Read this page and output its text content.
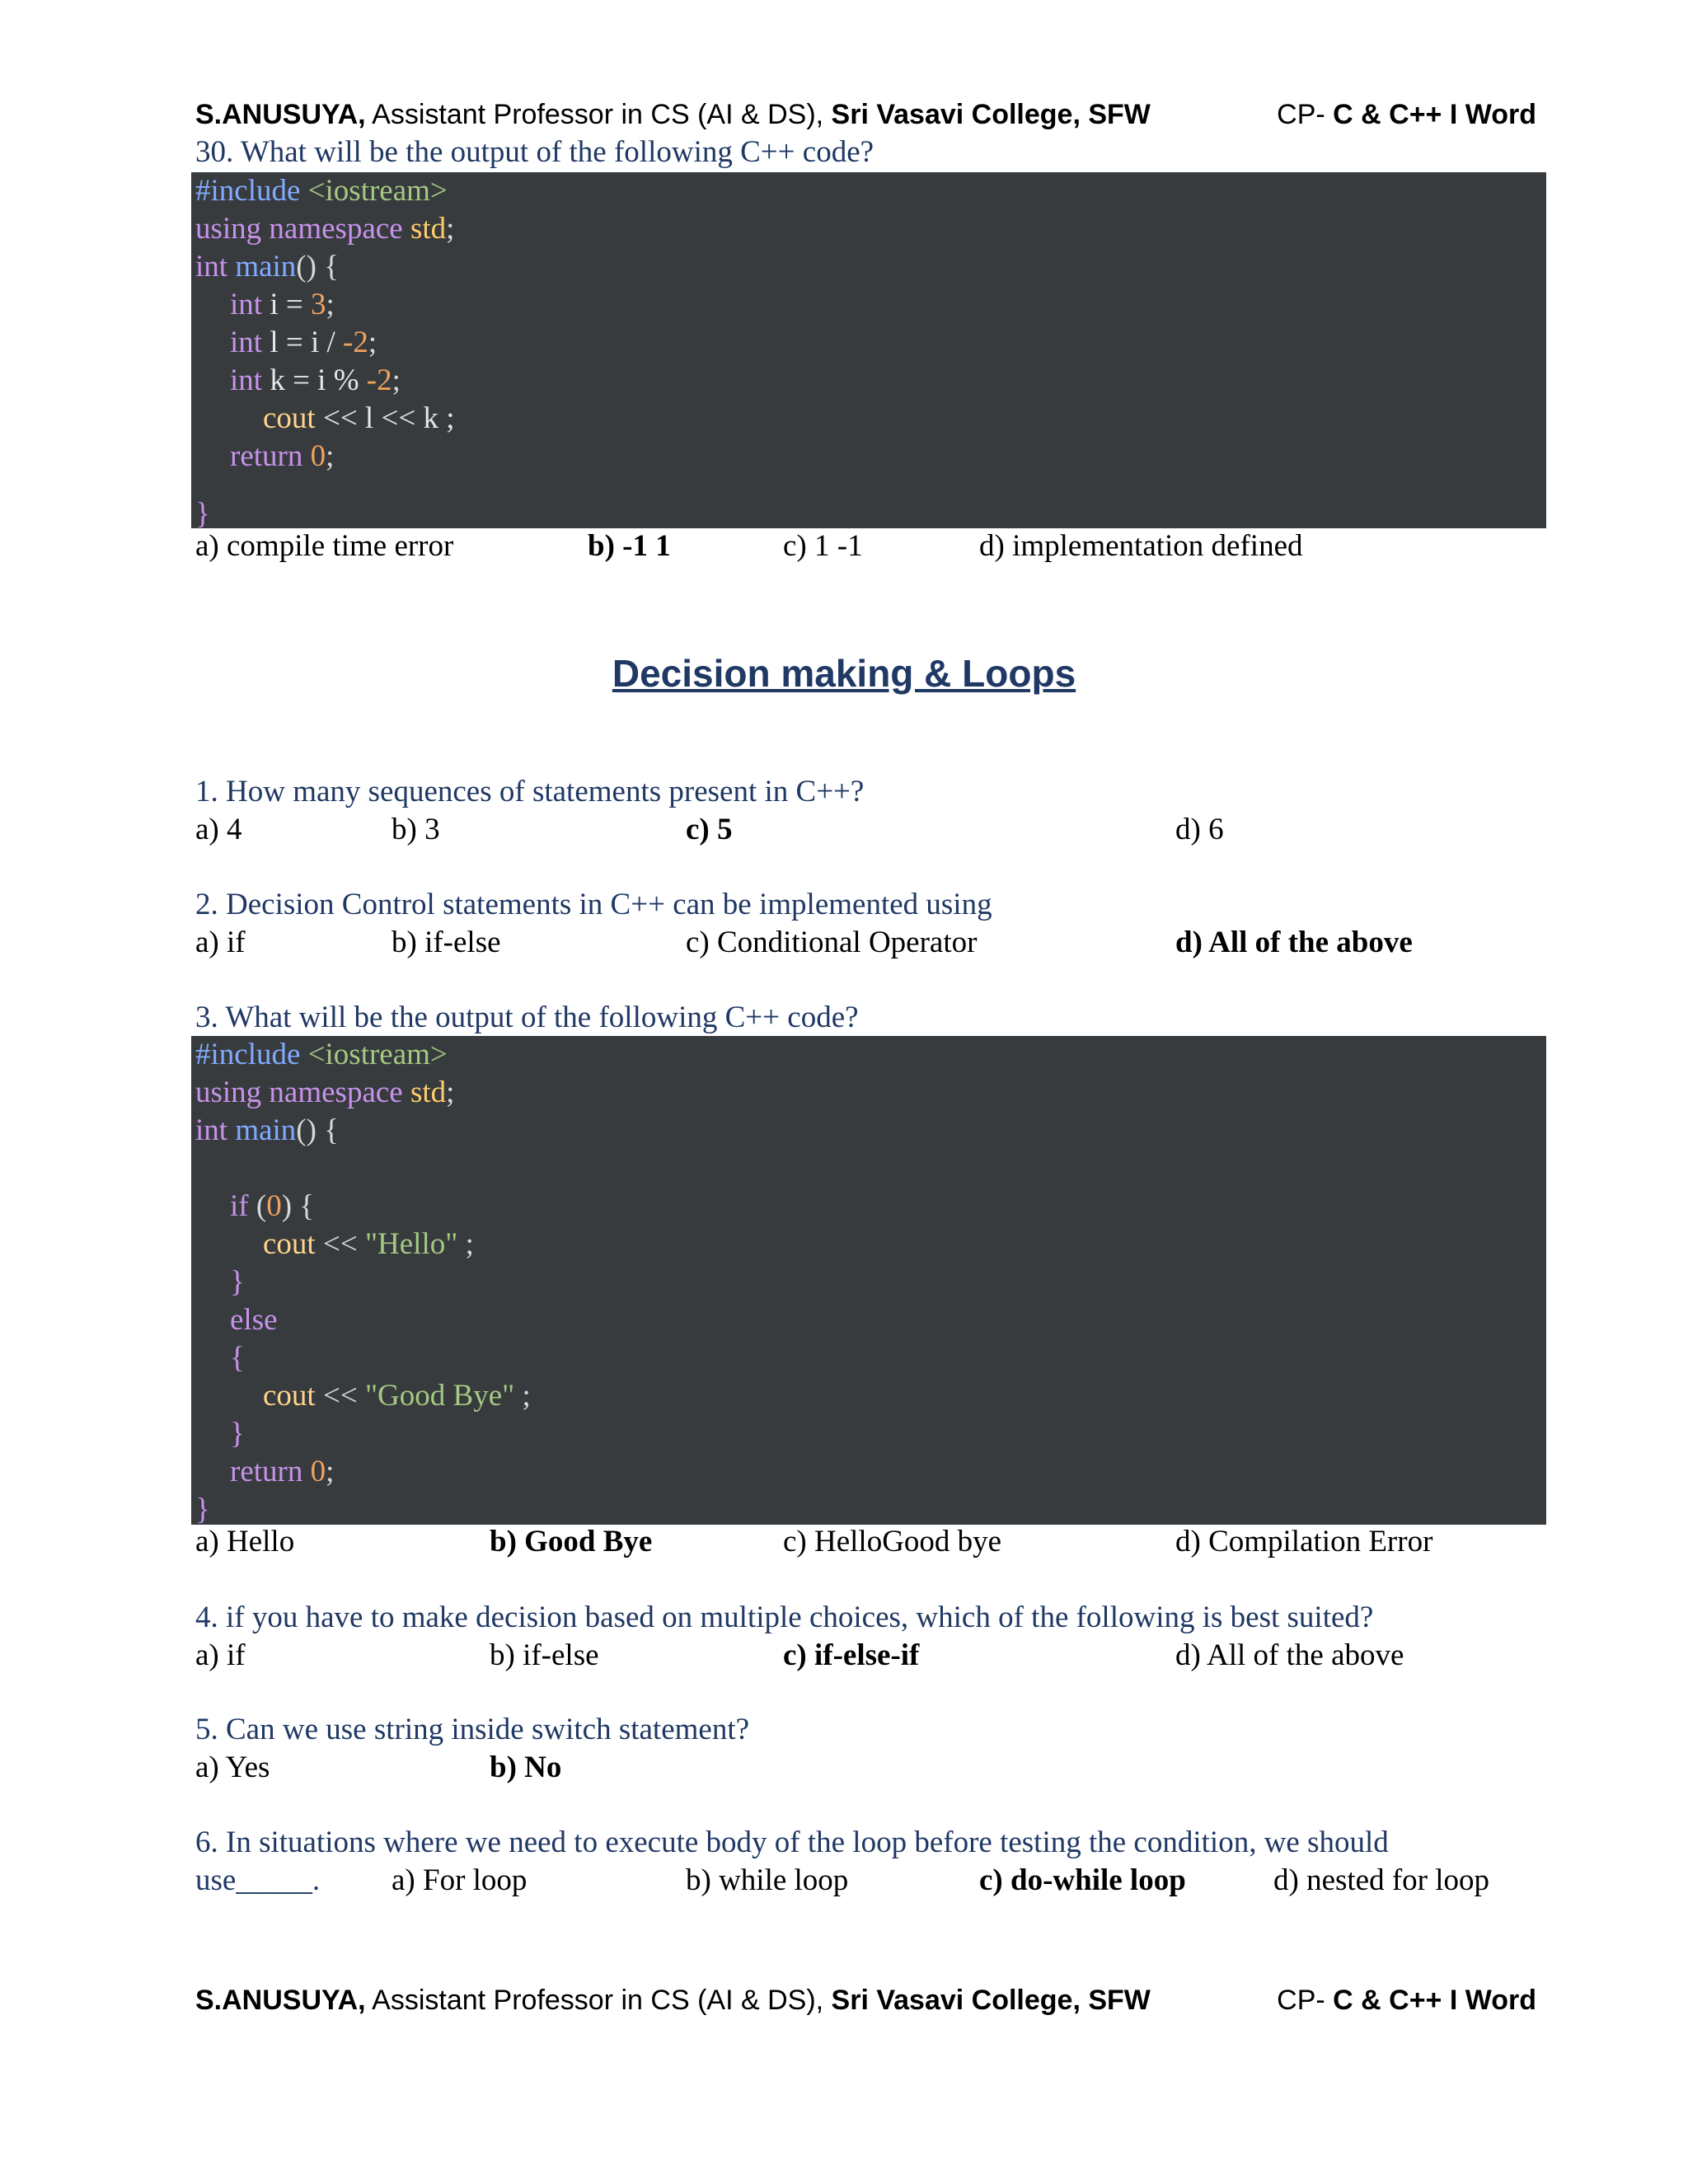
S.ANUSUYA, Assistant Professor in CS (AI & DS), Sri Vasavi College, SFW	CP- C & C++ I Word
30. What will be the output of the following C++ code?
#include <iostream>
using namespace std;
int main() {
int i = 3;
int l = i / -2;
int k = i % -2;
cout << l << k ;
return 0;
}
a) compile time error	b) -1 1	c) 1 -1	d) implementation defined
Decision making & Loops
1. How many sequences of statements present in C++?
a) 4	b) 3	c) 5	d) 6
2. Decision Control statements in C++ can be implemented using
a) if	b) if-else	c) Conditional Operator	d) All of the above
3. What will be the output of the following C++ code?
#include <iostream>
using namespace std;
int main() {
if (0) {
cout << "Hello" ;
}
else
{
cout << "Good Bye" ;
}
return 0;
}
a) Hello	b) Good Bye	c) HelloGood bye	d) Compilation Error
4. if you have to make decision based on multiple choices, which of the following is best suited?
a) if	b) if-else	c) if-else-if	d) All of the above
5. Can we use string inside switch statement?
a) Yes	b) No
6. In situations where we need to execute body of the loop before testing the condition, we should
use_____. a) For loop	b) while loop	c) do-while loop	d) nested for loop
S.ANUSUYA, Assistant Professor in CS (AI & DS), Sri Vasavi College, SFW	CP- C & C++ I Word
